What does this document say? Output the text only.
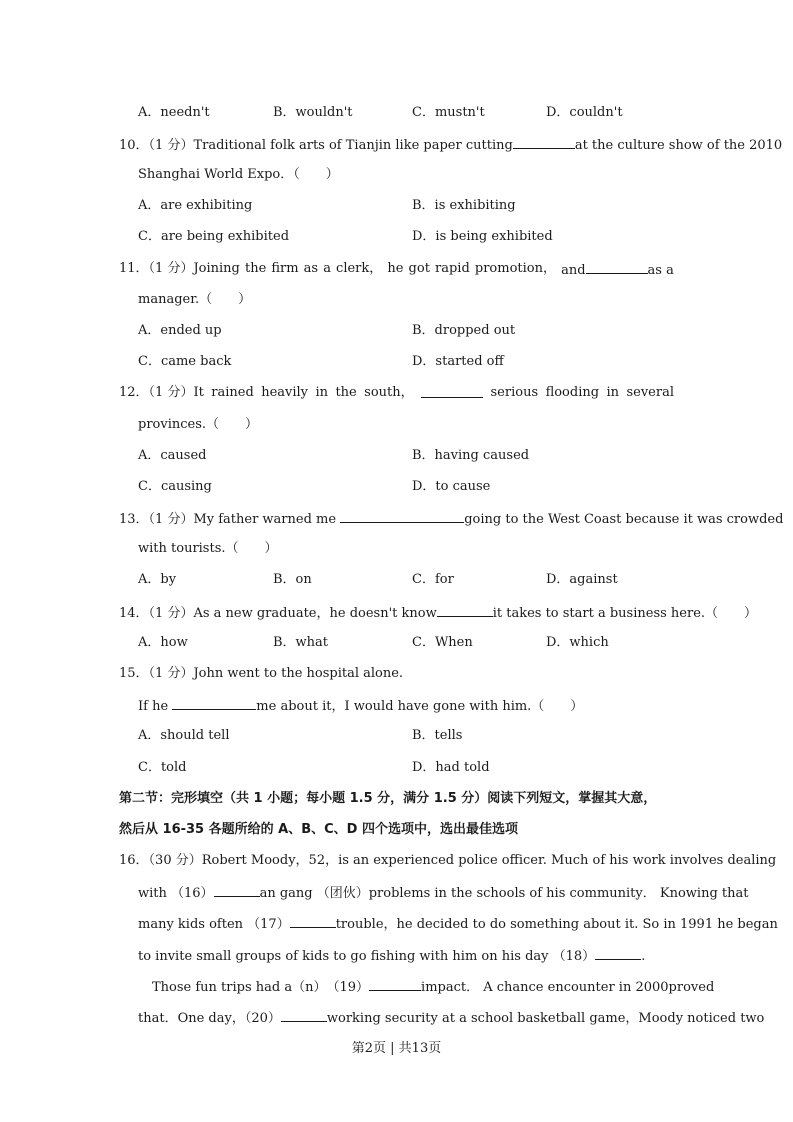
A．needn't	B．wouldn't	C．mustn't	D．couldn't
10．（1 分）Traditional folk arts of Tianjin like paper cutting	at the culture show of the 2010
Shanghai World Expo．（　　）
A．are exhibiting	B．is exhibiting
C．are being exhibited	D．is being exhibited
11．（1 分）Joining the firm as a clerk， he got rapid promotion， and	as a
manager.（　　）
A．ended up	B．dropped out
C．came back	D．started off
12．（1 分）It rained heavily in the south，	serious flooding in several
provinces.（　　）
A．caused	B．having caused
C．causing	D．to cause
13．（1 分）My father warned me	going to the West Coast because it was crowded
with tourists.（　　）
A．by	B．on	C．for	D．against
14．（1 分）As a new graduate，he doesn't know	it takes to start a business here.（　　）
A．how	B．what	C．When	D．which
15．（1 分）John went to the hospital alone.
If he	me about it，I would have gone with him.（　　）
A．should tell	B．tells
C．told	D．had told
第二节：完形填空（共 1 小题；每小题 1.5 分，满分 1.5 分）阅读下列短文，掌握其大意，
然后从 16-35 各题所给的 A、B、C、D 四个选项中，选出最佳选项
16．（30 分）Robert Moody，52，is an experienced police officer. Much of his work involves dealing
with （16）	an gang （团伙）problems in the schools of his community． Knowing that
many kids often （17）	trouble，he decided to do something about it. So in 1991 he began
to invite small groups of kids to go fishing with him on his day （18）	.
Those fun trips had a（n）　（19）	impact． A chance encounter in 2000proved
that．One day，（20）	working security at a school basketball game，Moody noticed two
第2页 | 共13页
